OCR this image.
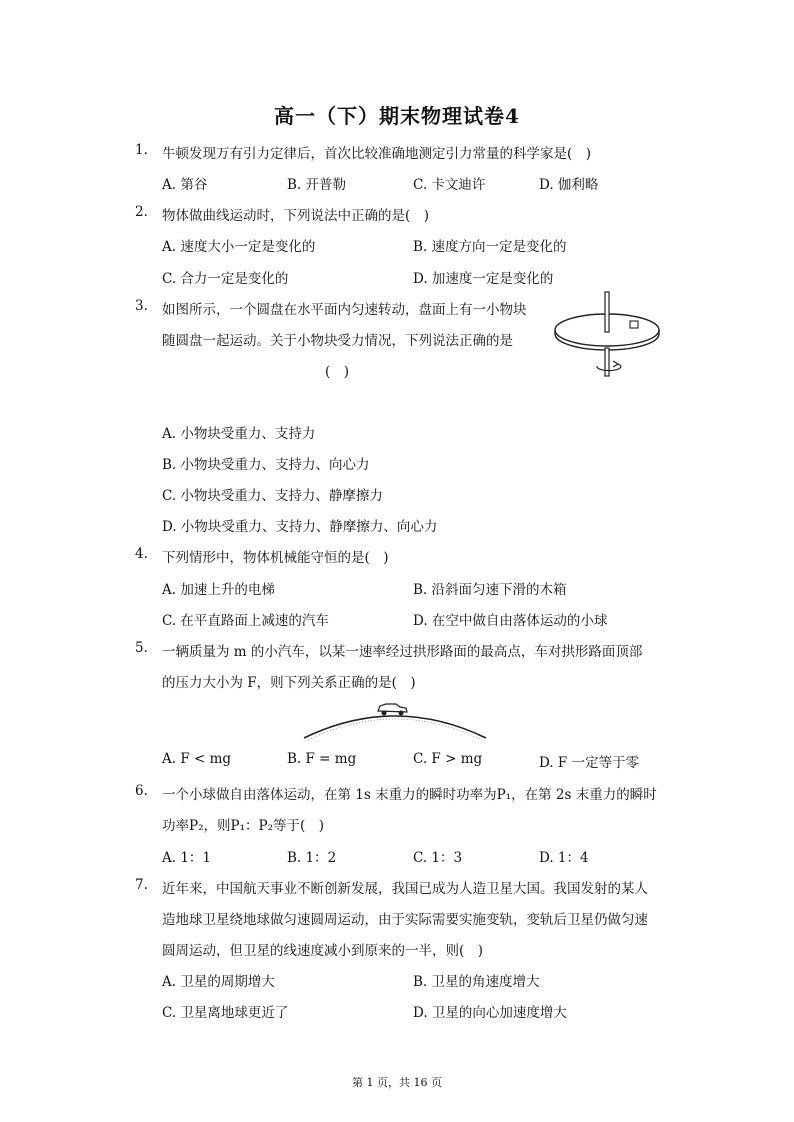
高一（下）期末物理试卷4
1. 牛顿发现万有引力定律后，首次比较准确地测定引力常量的科学家是(　)
A. 第谷	B. 开普勒	C. 卡文迪许	D. 伽利略
2. 物体做曲线运动时，下列说法中正确的是(　)
A. 速度大小一定是变化的	B. 速度方向一定是变化的
C. 合力一定是变化的	D. 加速度一定是变化的
3. 如图所示，一个圆盘在水平面内匀速转动，盘面上有一小物块
随圆盘一起运动。关于小物块受力情况，下列说法正确的是
(　)
A. 小物块受重力、支持力
B. 小物块受重力、支持力、向心力
C. 小物块受重力、支持力、静摩擦力
D. 小物块受重力、支持力、静摩擦力、向心力
4. 下列情形中，物体机械能守恒的是(　)
A. 加速上升的电梯	B. 沿斜面匀速下滑的木箱
C. 在平直路面上减速的汽车	D. 在空中做自由落体运动的小球
5. 一辆质量为 m 的小汽车，以某一速率经过拱形路面的最高点，车对拱形路面顶部
的压力大小为 F，则下列关系正确的是(　)
A. F < mg	B. F = mg	C. F > mg	D. F 一定等于零
6. 一个小球做自由落体运动，在第 1s 末重力的瞬时功率为P₁，在第 2s 末重力的瞬时
功率P₂，则P₁：P₂等于(　)
A. 1：1	B. 1：2	C. 1：3	D. 1：4
7. 近年来，中国航天事业不断创新发展，我国已成为人造卫星大国。我国发射的某人
造地球卫星绕地球做匀速圆周运动，由于实际需要实施变轨，变轨后卫星仍做匀速
圆周运动，但卫星的线速度减小到原来的一半，则(　)
A. 卫星的周期增大	B. 卫星的角速度增大
C. 卫星离地球更近了	D. 卫星的向心加速度增大
第 1 页，共 16 页
